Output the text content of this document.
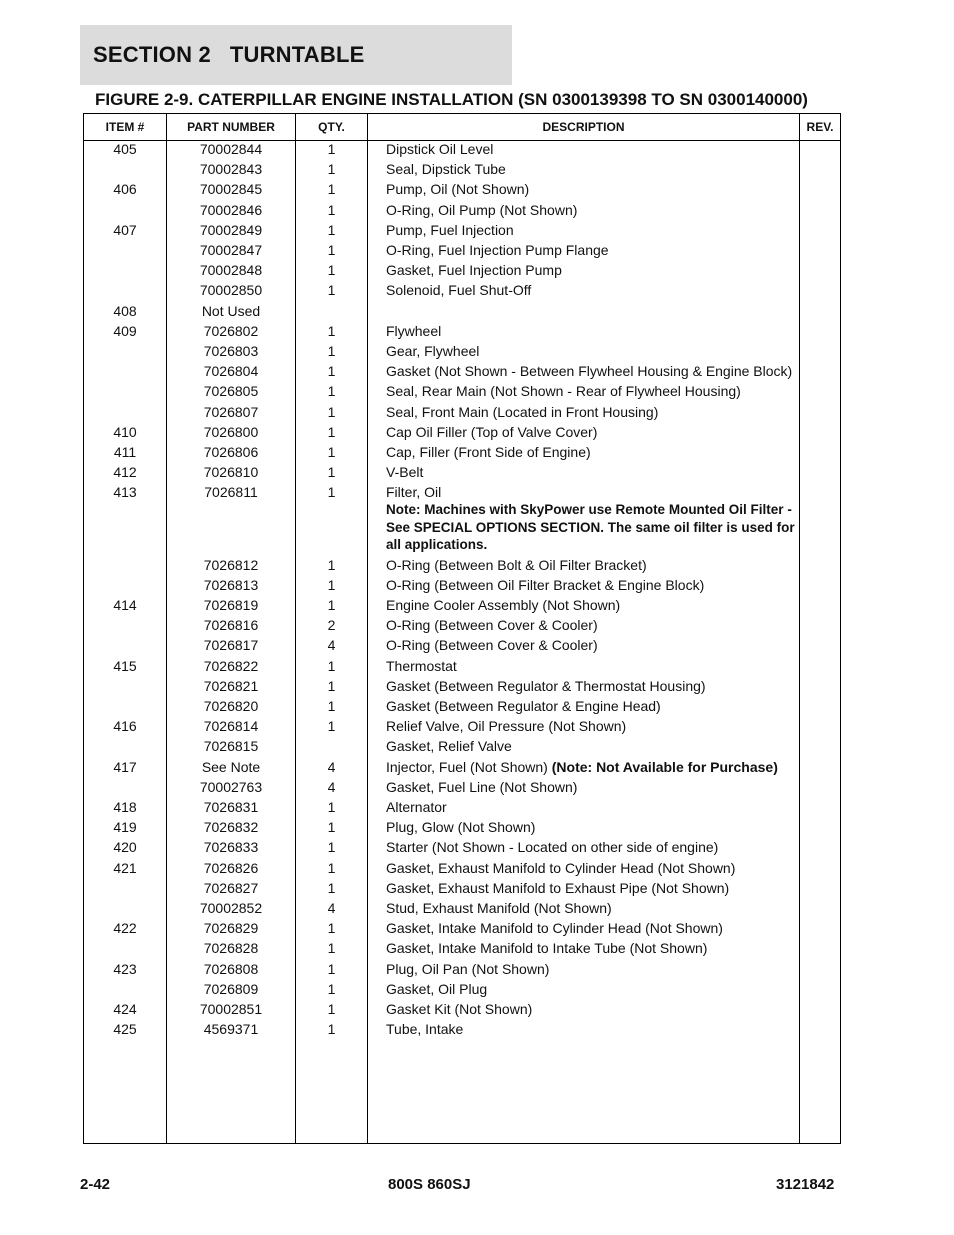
SECTION 2   TURNTABLE
FIGURE 2-9. CATERPILLAR ENGINE INSTALLATION (SN 0300139398 TO SN 0300140000)
ITEM #	PART NUMBER	QTY.	DESCRIPTION	REV.
405	70002844	1	Dipstick Oil Level
70002843	1	Seal, Dipstick Tube
406	70002845	1	Pump, Oil (Not Shown)
70002846	1	O-Ring, Oil Pump (Not Shown)
407	70002849	1	Pump, Fuel Injection
70002847	1	O-Ring, Fuel Injection Pump Flange
70002848	1	Gasket, Fuel Injection Pump
70002850	1	Solenoid, Fuel Shut-Off
408	Not Used
409	7026802	1	Flywheel
7026803	1	Gear, Flywheel
7026804	1	Gasket (Not Shown - Between Flywheel Housing & Engine Block)
7026805	1	Seal, Rear Main (Not Shown - Rear of Flywheel Housing)
7026807	1	Seal, Front Main (Located in Front Housing)
410	7026800	1	Cap Oil Filler (Top of Valve Cover)
411	7026806	1	Cap, Filler (Front Side of Engine)
412	7026810	1	V-Belt
413	7026811	1	Filter, Oil
Note: Machines with SkyPower use Remote Mounted Oil Filter - See SPECIAL OPTIONS SECTION. The same oil filter is used for all applications.
7026812	1	O-Ring (Between Bolt & Oil Filter Bracket)
7026813	1	O-Ring (Between Oil Filter Bracket & Engine Block)
414	7026819	1	Engine Cooler Assembly (Not Shown)
7026816	2	O-Ring (Between Cover & Cooler)
7026817	4	O-Ring (Between Cover & Cooler)
415	7026822	1	Thermostat
7026821	1	Gasket (Between Regulator & Thermostat Housing)
7026820	1	Gasket (Between Regulator & Engine Head)
416	7026814	1	Relief Valve, Oil Pressure (Not Shown)
7026815	Gasket, Relief Valve
417	See Note	4	Injector, Fuel (Not Shown) (Note: Not Available for Purchase)
70002763	4	Gasket, Fuel Line (Not Shown)
418	7026831	1	Alternator
419	7026832	1	Plug, Glow (Not Shown)
420	7026833	1	Starter (Not Shown - Located on other side of engine)
421	7026826	1	Gasket, Exhaust Manifold to Cylinder Head (Not Shown)
7026827	1	Gasket, Exhaust Manifold to Exhaust Pipe (Not Shown)
70002852	4	Stud, Exhaust Manifold (Not Shown)
422	7026829	1	Gasket, Intake Manifold to Cylinder Head (Not Shown)
7026828	1	Gasket, Intake Manifold to Intake Tube (Not Shown)
423	7026808	1	Plug, Oil Pan (Not Shown)
7026809	1	Gasket, Oil Plug
424	70002851	1	Gasket Kit (Not Shown)
425	4569371	1	Tube, Intake
2-42	800S 860SJ	3121842
